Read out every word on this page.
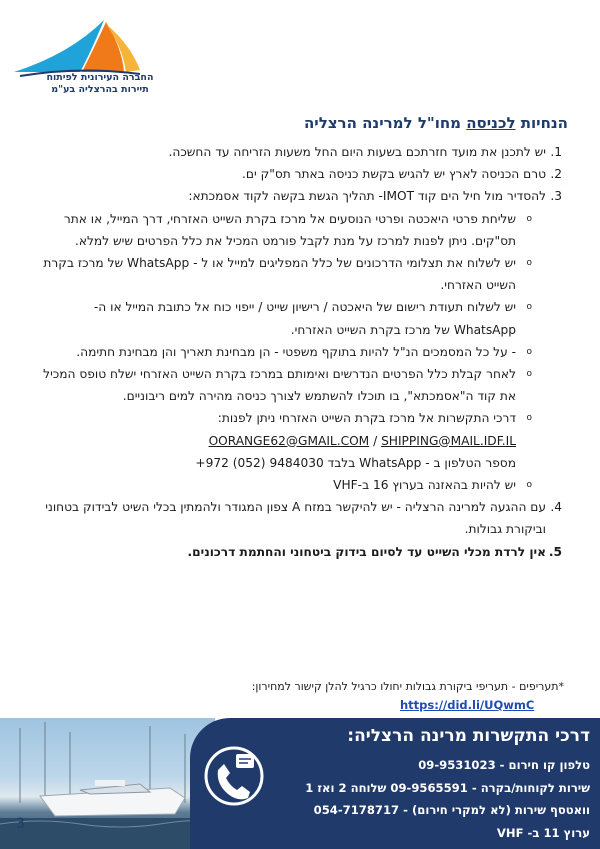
החברה העירונית לפיתוח
תיירות בהרצליה בע"מ
הנחיות לכניסה מחו"ל למרינה הרצליה
1.
יש לתכנן את מועד חזרתכם בשעות היום החל משעות הזריחה עד החשכה.
2.
טרם הכניסה לארץ יש להגיש בקשת כניסה באתר תס"ק ים.
3.
להסדיר מול חיל הים קוד IMOT- תהליך הגשת בקשה לקוד אסמכתא:
o שליחת פרטי היאכטה ופרטי הנוסעים אל מרכז בקרת השייט האזרחי, דרך המייל, או אתר תס"קים. ניתן לפנות למרכז על מנת לקבל פורמט המכיל את כלל הפרטים שיש למלא.
o יש לשלוח את תצלומי הדרכונים של כלל המפליגים למייל או ל - WhatsApp של מרכז בקרת השייט האזרחי.
o יש לשלוח תעודת רישום של היאכטה / רישיון שייט / ייפוי כוח אל כתובת המייל או ה-WhatsApp של מרכז בקרת השייט האזרחי.
o - על כל המסמכים הנ"ל להיות בתוקף משפטי - הן מבחינת תאריך והן מבחינת חתימה.
o לאחר קבלת כלל הפרטים הנדרשים ואימותם במרכז בקרת השייט האזרחי ישלח טופס המכיל את קוד ה"אסמכתא", בו תוכלו להשתמש לצורך כניסה מהירה למים ריבוניים.
o דרכי התקשרות אל מרכז בקרת השייט האזרחי ניתן לפנות:
OORANGE62@GMAIL.COM / SHIPPING@MAIL.IDF.IL
מספר הטלפון ב - WhatsApp בלבד 9484030 (052) 972+
o יש להיות בהאזנה בערוץ 16 ב-VHF
4.
עם ההגעה למרינה הרצליה - יש להיקשר במזח A צפון המגודר ולהמתין בכלי השיט לבידוק בטחוני וביקורת גבולות.
5.
אין לרדת מכלי השייט עד לסיום בידוק ביטחוני והחתמת דרכונים.
*תעריפים - תעריפי ביקורת גבולות יחולו כרגיל להלן קישור למחירון:
https://did.li/UQwmC
דרכי התקשרות מרינה הרצליה:
טלפון קו חירום - 09-9531023
שירות לקוחות/בקרה - 09-9565591 שלוחה 2 ואז 1
וואטסף שירות (לא למקרי חירום) - 054-7178717
ערוץ 11 ב- VHF
3
